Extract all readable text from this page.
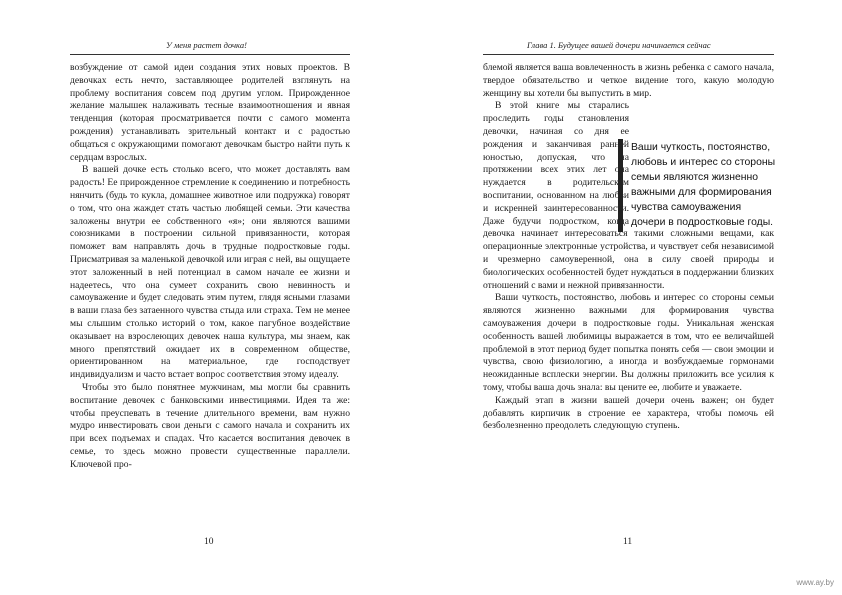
У меня растет дочка!

возбуждение от самой идеи создания этих новых проектов. В девочках есть нечто, заставляющее родителей взглянуть на проблему воспитания совсем под другим углом. Прирожденное желание малышек налаживать тесные взаимоотношения и явная тенденция (которая просматривается почти с самого момента рождения) устанавливать зрительный контакт и с радостью общаться с окружающими помогают девочкам быстро найти путь к сердцам взрослых.

В вашей дочке есть столько всего, что может доставлять вам радость! Ее прирожденное стремление к соединению и потребность нянчить (будь то кукла, домашнее животное или подружка) говорят о том, что она жаждет стать частью любящей семьи. Эти качества заложены внутри ее собственного «я»; они являются вашими союзниками в построении сильной привязанности, которая поможет вам направлять дочь в трудные подростковые годы. Присматривая за маленькой девочкой или играя с ней, вы ощущаете этот заложенный в ней потенциал в самом начале ее жизни и надеетесь, что она сумеет сохранить свою невинность и самоуважение и будет следовать этим путем, глядя ясными глазами в ваши глаза без затаенного чувства стыда или страха. Тем не менее мы слышим столько историй о том, какое пагубное воздействие оказывает на взрослеющих девочек наша культура, мы знаем, как много препятствий ожидает их в современном обществе, ориентированном на материальное, где господствует индивидуализм и часто встает вопрос соответствия этому идеалу.

Чтобы это было понятнее мужчинам, мы могли бы сравнить воспитание девочек с банковскими инвестициями. Идея та же: чтобы преуспевать в течение длительного времени, вам нужно мудро инвестировать свои деньги с самого начала и сохранить их при всех подъемах и спадах. Что касается воспитания девочек в семье, то здесь можно провести существенные параллели. Ключевой про-

10
Глава 1. Будущее вашей дочери начинается сейчас

блемой является ваша вовлеченность в жизнь ребенка с самого начала, твердое обязательство и четкое видение того, какую молодую женщину вы хотели бы выпустить в мир.

В этой книге мы старались проследить годы становления девочки, начиная со дня ее рождения и заканчивая ранней юностью, допуская, что на протяжении всех этих лет она нуждается в родительском воспитании, основанном на любви и искренней заинтересованности. Даже будучи подростком, когда девочка начинает интересоваться такими сложными вещами, как операционные электронные устройства, и чувствует себя независимой и чрезмерно самоуверенной, она в силу своей природы и биологических особенностей будет нуждаться в поддержании близких отношений с вами и нежной привязанности.

Ваши чуткость, постоянство, любовь и интерес со стороны семьи являются жизненно важными для формирования чувства самоуважения дочери в подростковые годы. Уникальная женская особенность вашей любимицы выражается в том, что ее величайшей проблемой в этот период будет попытка понять себя — свои эмоции и чувства, свою физиологию, а иногда и возбуждаемые гормонами неожиданные всплески энергии. Вы должны приложить все усилия к тому, чтобы ваша дочь знала: вы цените ее, любите и уважаете.

Каждый этап в жизни вашей дочери очень важен; он будет добавлять кирпичик в строение ее характера, чтобы помочь ей безболезненно преодолеть следующую ступень.

Ваши чуткость, постоянство, любовь и интерес со стороны семьи являются жизненно важными для формирования чувства самоуважения дочери в подростковые годы.
11
www.ay.by
